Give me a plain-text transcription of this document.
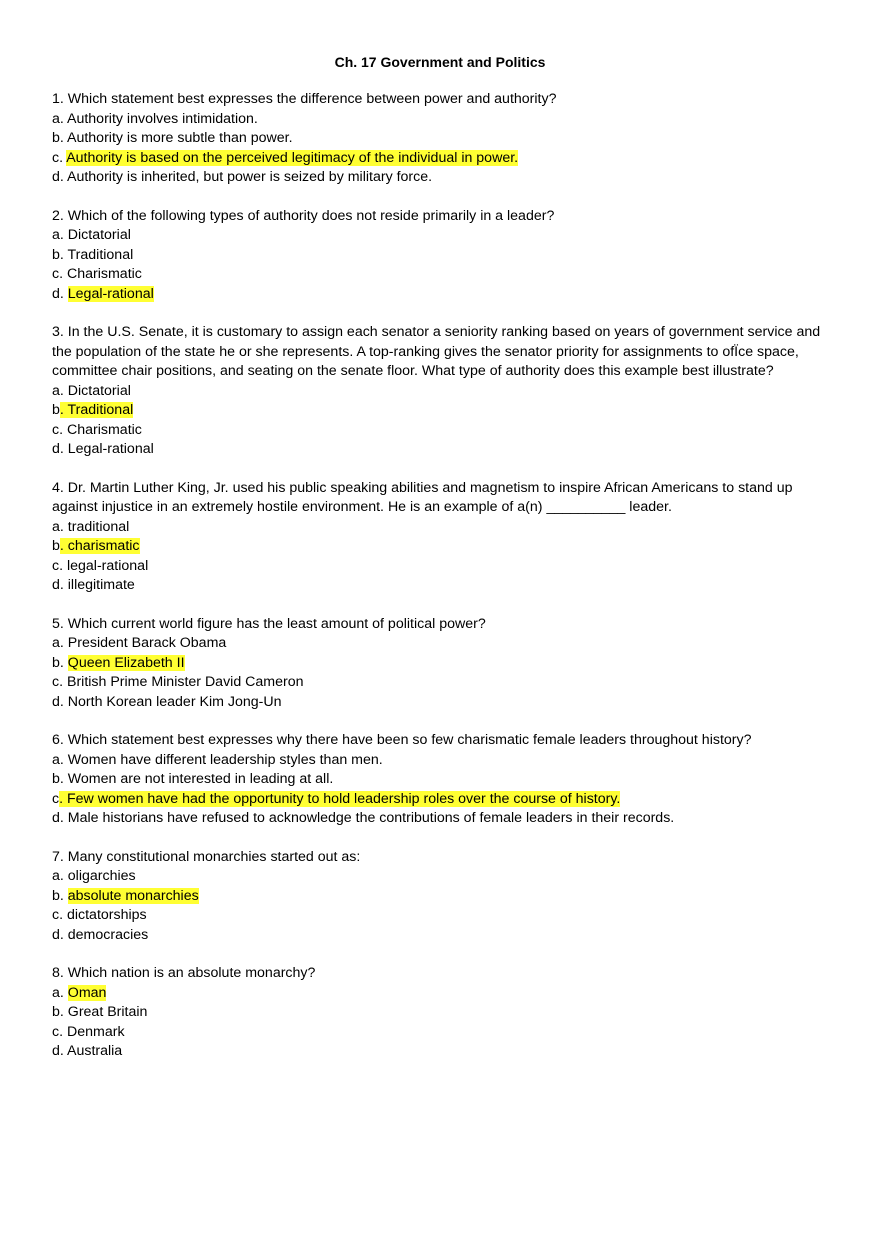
Ch. 17 Government and Politics
1. Which statement best expresses the difference between power and authority?
a. Authority involves intimidation.
b. Authority is more subtle than power.
c. Authority is based on the perceived legitimacy of the individual in power.
d. Authority is inherited, but power is seized by military force.
2. Which of the following types of authority does not reside primarily in a leader?
a. Dictatorial
b. Traditional
c. Charismatic
d. Legal-rational
3. In the U.S. Senate, it is customary to assign each senator a seniority ranking based on years of government service and the population of the state he or she represents. A top-ranking gives the senator priority for assignments to ofÏce space, committee chair positions, and seating on the senate floor. What type of authority does this example best illustrate?
a. Dictatorial
b. Traditional
c. Charismatic
d. Legal-rational
4. Dr. Martin Luther King, Jr. used his public speaking abilities and magnetism to inspire African Americans to stand up against injustice in an extremely hostile environment. He is an example of a(n) __________ leader.
a. traditional
b. charismatic
c. legal-rational
d. illegitimate
5. Which current world figure has the least amount of political power?
a. President Barack Obama
b. Queen Elizabeth II
c. British Prime Minister David Cameron
d. North Korean leader Kim Jong-Un
6. Which statement best expresses why there have been so few charismatic female leaders throughout history?
a. Women have different leadership styles than men.
b. Women are not interested in leading at all.
c. Few women have had the opportunity to hold leadership roles over the course of history.
d. Male historians have refused to acknowledge the contributions of female leaders in their records.
7. Many constitutional monarchies started out as:
a. oligarchies
b. absolute monarchies
c. dictatorships
d. democracies
8. Which nation is an absolute monarchy?
a. Oman
b. Great Britain
c. Denmark
d. Australia
